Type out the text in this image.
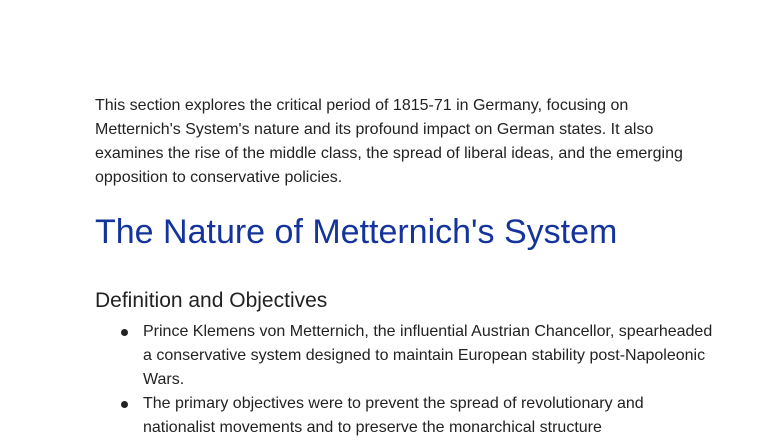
This section explores the critical period of 1815-71 in Germany, focusing on Metternich's System's nature and its profound impact on German states. It also examines the rise of the middle class, the spread of liberal ideas, and the emerging opposition to conservative policies.

The Nature of Metternich's System
Definition and Objectives
Prince Klemens von Metternich, the influential Austrian Chancellor, spearheaded a conservative system designed to maintain European stability post-Napoleonic Wars.
The primary objectives were to prevent the spread of revolutionary and nationalist movements and to preserve the monarchical structure
